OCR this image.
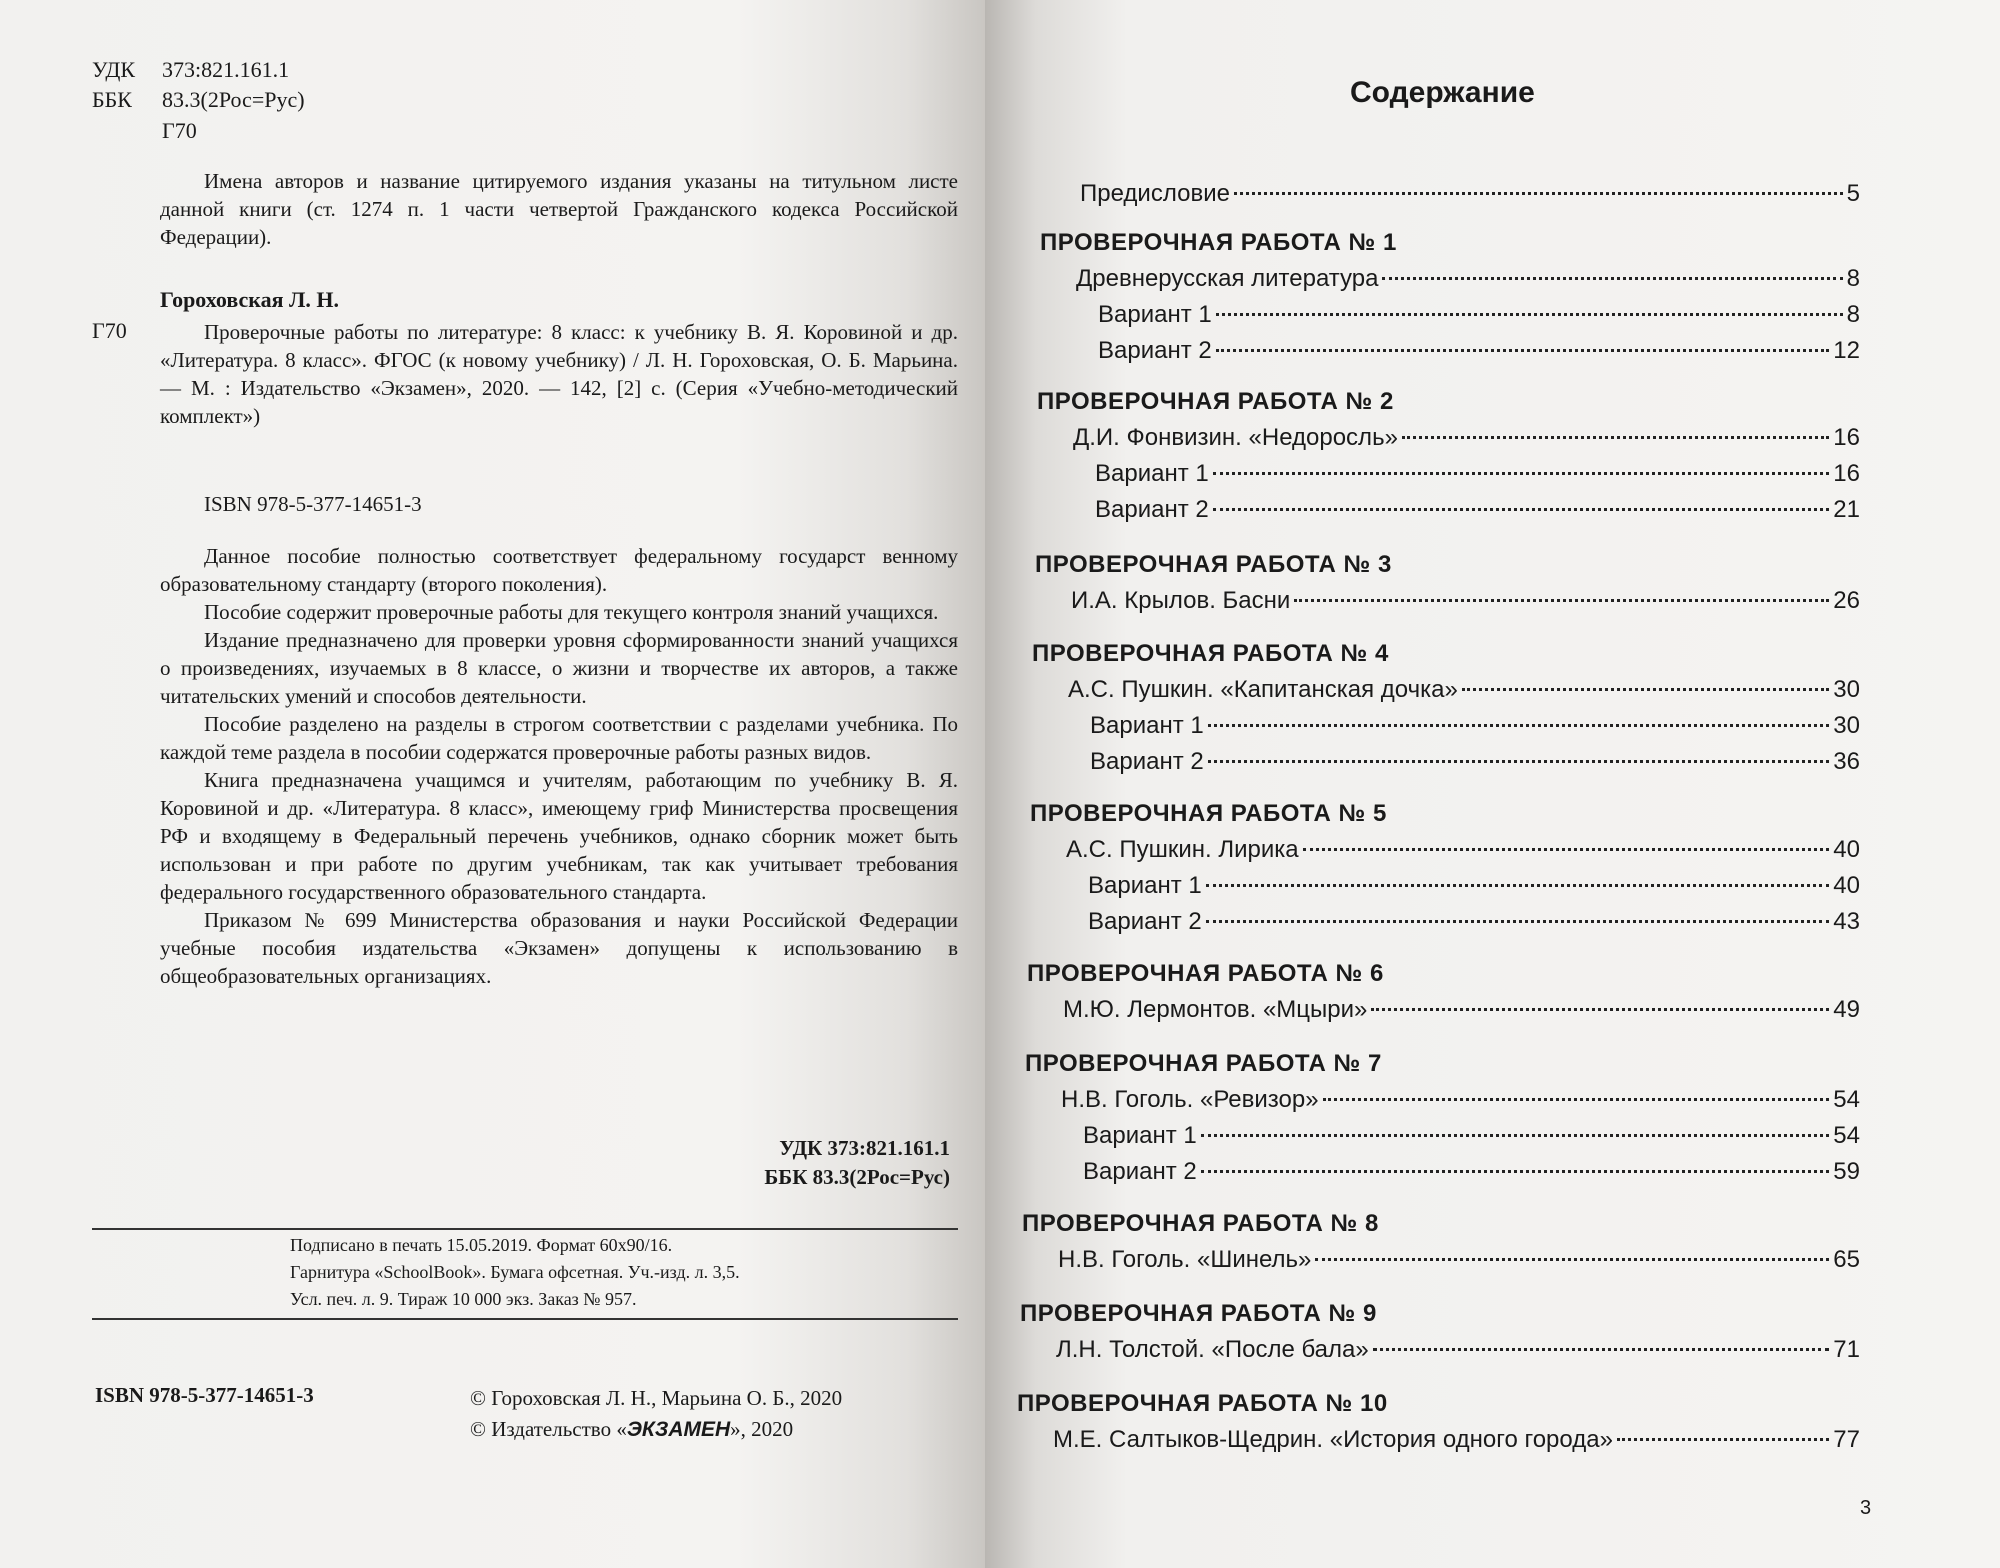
УДК 373:821.161.1
ББК 83.3(2Рос=Рус)
Г70

Имена авторов и название цитируемого издания указаны на титульном листе данной книги (ст. 1274 п. 1 части четвертой Гражданского кодекса Российской Федерации).

Гороховская Л. Н.
Г70	Проверочные работы по литературе: 8 класс: к учебнику В. Я. Коровиной и др. «Литература. 8 класс». ФГОС (к новому учебнику) / Л. Н. Гороховская, О. Б. Марьина. — М. : Издательство «Экзамен», 2020. — 142, [2] с. (Серия «Учебно-методический комплект»)

ISBN 978-5-377-14651-3

Данное пособие полностью соответствует федеральному государст венному образовательному стандарту (второго поколения).

Пособие содержит проверочные работы для текущего контроля знаний учащихся.

Издание предназначено для проверки уровня сформированности знаний учащихся о произведениях, изучаемых в 8 классе, о жизни и творчестве их авторов, а также читательских умений и способов деятельности.

Пособие разделено на разделы в строгом соответствии с разделами учебника. По каждой теме раздела в пособии содержатся проверочные работы разных видов.

Книга предназначена учащимся и учителям, работающим по учебнику В. Я. Коровиной и др. «Литература. 8 класс», имеющему гриф Министерства просвещения РФ и входящему в Федеральный перечень учебников, однако сборник может быть использован и при работе по другим учебникам, так как учитывает требования федерального государственного образовательного стандарта.

Приказом № 699 Министерства образования и науки Российской Федерации учебные пособия издательства «Экзамен» допущены к использованию в общеобразовательных организациях.

УДК 373:821.161.1
ББК 83.3(2Рос=Рус)
Подписано в печать 15.05.2019. Формат 60х90/16.
Гарнитура «SchoolBook». Бумага офсетная. Уч.-изд. л. 3,5.
Усл. печ. л. 9. Тираж 10 000 экз. Заказ № 957.
ISBN 978-5-377-14651-3	© Гороховская Л. Н., Марьина О. Б., 2020
© Издательство «ЭКЗАМЕН», 2020
Содержание
Предисловие	5
ПРОВЕРОЧНАЯ РАБОТА № 1
Древнерусская литература	8
Вариант 1	8
Вариант 2	12
ПРОВЕРОЧНАЯ РАБОТА № 2
Д.И. Фонвизин. «Недоросль»	16
Вариант 1	16
Вариант 2	21
ПРОВЕРОЧНАЯ РАБОТА № 3
И.А. Крылов. Басни	26
ПРОВЕРОЧНАЯ РАБОТА № 4
А.С. Пушкин. «Капитанская дочка»	30
Вариант 1	30
Вариант 2	36
ПРОВЕРОЧНАЯ РАБОТА № 5
А.С. Пушкин. Лирика	40
Вариант 1	40
Вариант 2	43
ПРОВЕРОЧНАЯ РАБОТА № 6
М.Ю. Лермонтов. «Мцыри»	49
ПРОВЕРОЧНАЯ РАБОТА № 7
Н.В. Гоголь. «Ревизор»	54
Вариант 1	54
Вариант 2	59
ПРОВЕРОЧНАЯ РАБОТА № 8
Н.В. Гоголь. «Шинель»	65
ПРОВЕРОЧНАЯ РАБОТА № 9
Л.Н. Толстой. «После бала»	71
ПРОВЕРОЧНАЯ РАБОТА № 10
М.Е. Салтыков-Щедрин. «История одного города»	77
3
